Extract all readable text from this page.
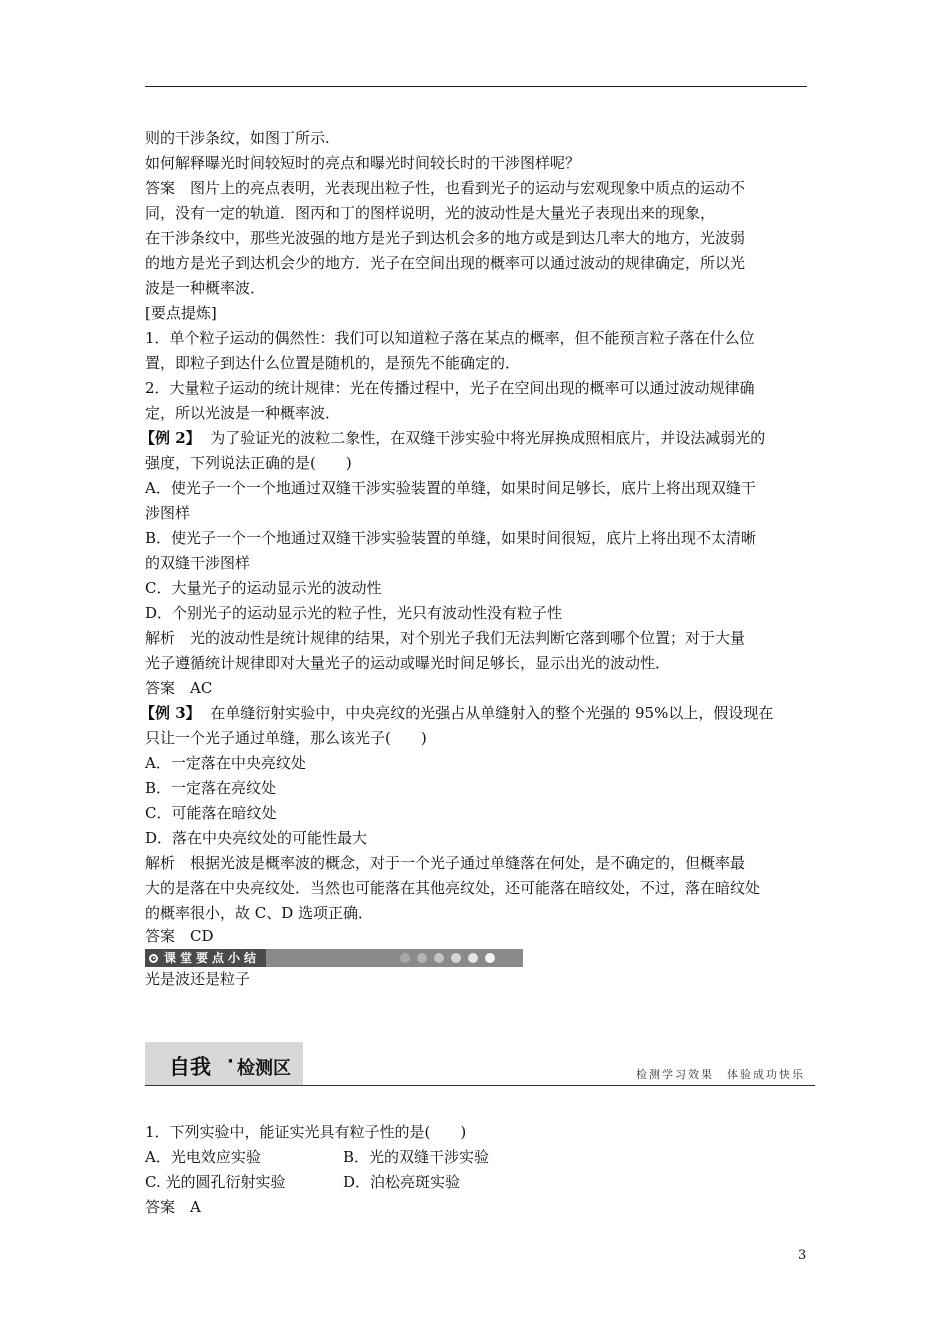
则的干涉条纹，如图丁所示.

如何解释曝光时间较短时的亮点和曝光时间较长时的干涉图样呢？

答案　图片上的亮点表明，光表现出粒子性，也看到光子的运动与宏观现象中质点的运动不

同，没有一定的轨道．图丙和丁的图样说明，光的波动性是大量光子表现出来的现象，

在干涉条纹中，那些光波强的地方是光子到达机会多的地方或是到达几率大的地方，光波弱

的地方是光子到达机会少的地方．光子在空间出现的概率可以通过波动的规律确定，所以光

波是一种概率波．

[要点提炼]

1．单个粒子运动的偶然性：我们可以知道粒子落在某点的概率，但不能预言粒子落在什么位

置，即粒子到达什么位置是随机的，是预先不能确定的．

2．大量粒子运动的统计规律：光在传播过程中，光子在空间出现的概率可以通过波动规律确

定，所以光波是一种概率波．

【例 2】 为了验证光的波粒二象性，在双缝干涉实验中将光屏换成照相底片，并设法减弱光的

强度，下列说法正确的是(　　)

A．使光子一个一个地通过双缝干涉实验装置的单缝，如果时间足够长，底片上将出现双缝干

涉图样

B．使光子一个一个地通过双缝干涉实验装置的单缝，如果时间很短，底片上将出现不太清晰

的双缝干涉图样

C．大量光子的运动显示光的波动性

D．个别光子的运动显示光的粒子性，光只有波动性没有粒子性

解析　光的波动性是统计规律的结果，对个别光子我们无法判断它落到哪个位置；对于大量

光子遵循统计规律即对大量光子的运动或曝光时间足够长，显示出光的波动性．

答案　AC

【例 3】 在单缝衍射实验中，中央亮纹的光强占从单缝射入的整个光强的 95%以上，假设现在

只让一个光子通过单缝，那么该光子(　　)

A．一定落在中央亮纹处

B．一定落在亮纹处

C．可能落在暗纹处

D．落在中央亮纹处的可能性最大

解析　根据光波是概率波的概念，对于一个光子通过单缝落在何处，是不确定的，但概率最

大的是落在中央亮纹处．当然也可能落在其他亮纹处，还可能落在暗纹处，不过，落在暗纹处

的概率很小，故 C、D 选项正确．

答案　CD

课堂要点小结

光是波还是粒子

自我 · 检测区	检测学习效果　体验成功快乐

1．下列实验中，能证实光具有粒子性的是(　　)

A．光电效应实验	B．光的双缝干涉实验

C. 光的圆孔衍射实验	D．泊松亮斑实验

答案　A

3
